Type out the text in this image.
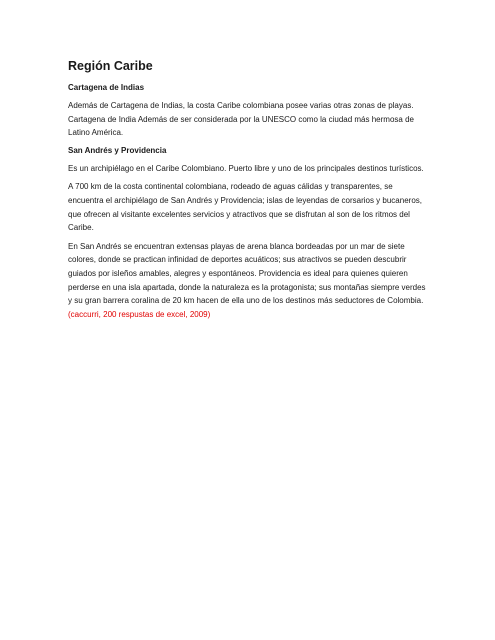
Región Caribe
Cartagena de Indias

Además de Cartagena de Indias, la costa Caribe colombiana posee varias otras zonas de playas. Cartagena de India Además de ser considerada por la UNESCO como la ciudad más hermosa de Latino América.

San Andrés y Providencia

Es un archipiélago en el Caribe Colombiano. Puerto libre y uno de los principales destinos turísticos.

A 700 km de la costa continental colombiana, rodeado de aguas cálidas y transparentes, se encuentra el archipiélago de San Andrés y Providencia; islas de leyendas de corsarios y bucaneros, que ofrecen al visitante excelentes servicios y atractivos que se disfrutan al son de los ritmos del Caribe.

En San Andrés se encuentran extensas playas de arena blanca bordeadas por un mar de siete colores, donde se practican infinidad de deportes acuáticos; sus atractivos se pueden descubrir guiados por isleños amables, alegres y espontáneos. Providencia es ideal para quienes quieren perderse en una isla apartada, donde la naturaleza es la protagonista; sus montañas siempre verdes y su gran barrera coralina de 20 km hacen de ella uno de los destinos más seductores de Colombia. (caccurri, 200 respustas de excel, 2009)
